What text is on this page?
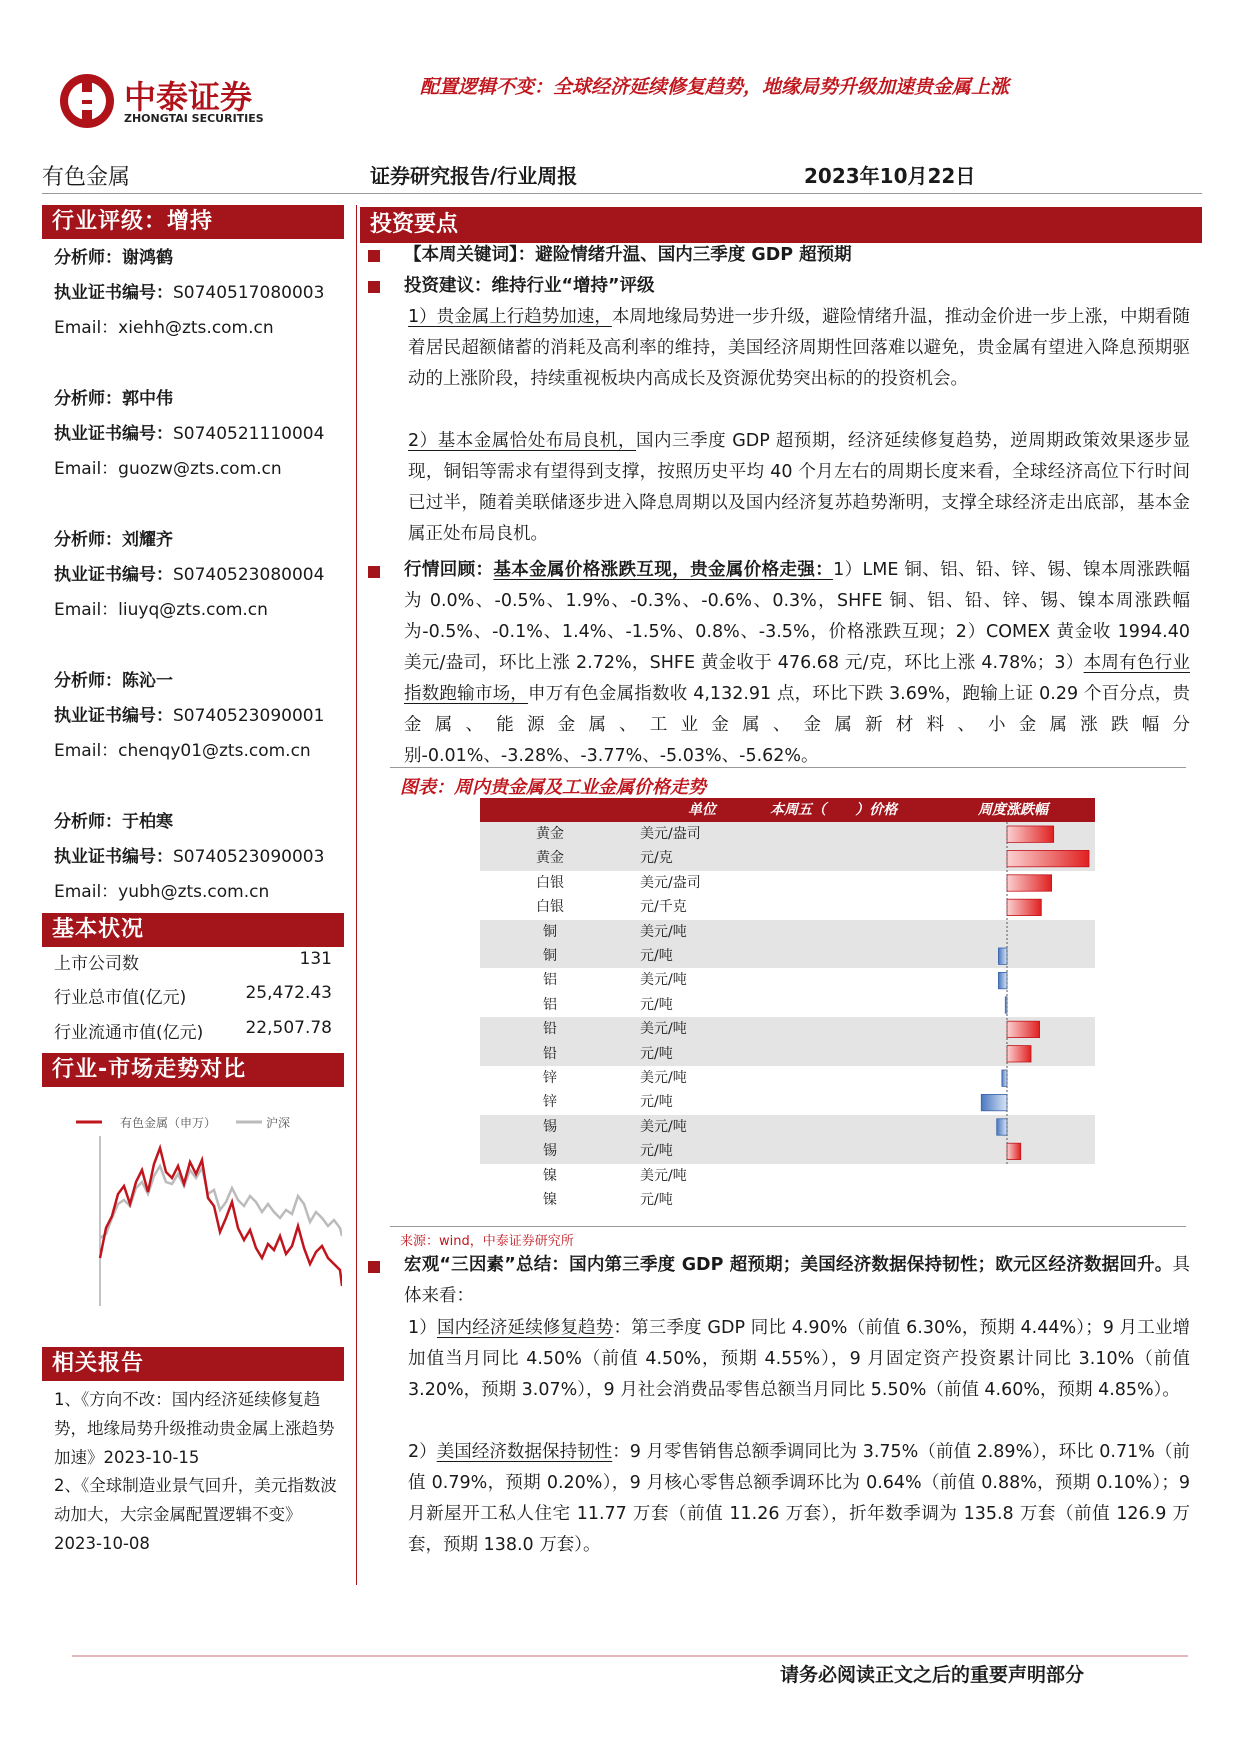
中泰证券
ZHONGTAI SECURITIES
配置逻辑不变：全球经济延续修复趋势，地缘局势升级加速贵金属上涨
有色金属	证券研究报告/行业周报	2023年10月22日
行业评级：增持
分析师：谢鸿鹤
执业证书编号：S0740517080003
Email：xiehh@zts.com.cn
分析师：郭中伟
执业证书编号：S0740521110004
Email：guozw@zts.com.cn
分析师：刘耀齐
执业证书编号：S0740523080004
Email：liuyq@zts.com.cn
分析师：陈沁一
执业证书编号：S0740523090001
Email：chenqy01@zts.com.cn
分析师：于柏寒
执业证书编号：S0740523090003
Email：yubh@zts.com.cn
基本状况
上市公司数	131
行业总市值(亿元)	25,472.43
行业流通市值(亿元) 22,507.78
行业-市场走势对比
有色金属（申万）	沪深
相关报告
1、《方向不改：国内经济延续修复趋势，地缘局势升级推动贵金属上涨趋势加速》2023-10-15
2、《全球制造业景气回升，美元指数波动加大，大宗金属配置逻辑不变》2023-10-08
投资要点
【本周关键词】：避险情绪升温、国内三季度 GDP 超预期
投资建议：维持行业“增持”评级
1）贵金属上行趋势加速，本周地缘局势进一步升级，避险情绪升温，推动金价进一步上涨，中期看随着居民超额储蓄的消耗及高利率的维持，美国经济周期性回落难以避免，贵金属有望进入降息预期驱动的上涨阶段，持续重视板块内高成长及资源优势突出标的的投资机会。
2）基本金属恰处布局良机，国内三季度 GDP 超预期，经济延续修复趋势，逆周期政策效果逐步显现，铜铝等需求有望得到支撑，按照历史平均 40 个月左右的周期长度来看，全球经济高位下行时间已过半，随着美联储逐步进入降息周期以及国内经济复苏趋势渐明，支撑全球经济走出底部，基本金属正处布局良机。
行情回顾：基本金属价格涨跌互现，贵金属价格走强：1）LME 铜、铝、铅、锌、锡、镍本周涨跌幅为 0.0%、-0.5%、1.9%、-0.3%、-0.6%、0.3%，SHFE 铜、铝、铅、锌、锡、镍本周涨跌幅为-0.5%、-0.1%、1.4%、-1.5%、0.8%、-3.5%，价格涨跌互现；2）COMEX 黄金收 1994.40 美元/盎司，环比上涨 2.72%，SHFE 黄金收于 476.68 元/克，环比上涨 4.78%；3）本周有色行业指数跑输市场，申万有色金属指数收 4,132.91 点，环比下跌 3.69%，跑输上证 0.29 个百分点，贵金属、能源金属、工业金属、金属新材料、小金属涨跌幅分别-0.01%、-3.28%、-3.77%、-5.03%、-5.62%。
图表：周内贵金属及工业金属价格走势
单位	本周五（      ）价格	周度涨跌幅
黄金	美元/盎司
黄金	元/克
白银	美元/盎司
白银	元/千克
铜	美元/吨
铜	元/吨
铝	美元/吨
铝	元/吨
铅	美元/吨
铅	元/吨
锌	美元/吨
锌	元/吨
锡	美元/吨
锡	元/吨
镍	美元/吨
镍	元/吨
来源：wind，中泰证券研究所
宏观“三因素”总结：国内第三季度 GDP 超预期；美国经济数据保持韧性；欧元区经济数据回升。具体来看：
1）国内经济延续修复趋势：第三季度 GDP 同比 4.90%（前值 6.30%，预期 4.44%）；9 月工业增加值当月同比 4.50%（前值 4.50%，预期 4.55%），9 月固定资产投资累计同比 3.10%（前值 3.20%，预期 3.07%），9 月社会消费品零售总额当月同比 5.50%（前值 4.60%，预期 4.85%）。
2）美国经济数据保持韧性：9 月零售销售总额季调同比为 3.75%（前值 2.89%），环比 0.71%（前值 0.79%，预期 0.20%），9 月核心零售总额季调环比为 0.64%（前值 0.88%，预期 0.10%）；9 月新屋开工私人住宅 11.77 万套（前值 11.26 万套），折年数季调为 135.8 万套（前值 126.9 万套，预期 138.0 万套）。
请务必阅读正文之后的重要声明部分
